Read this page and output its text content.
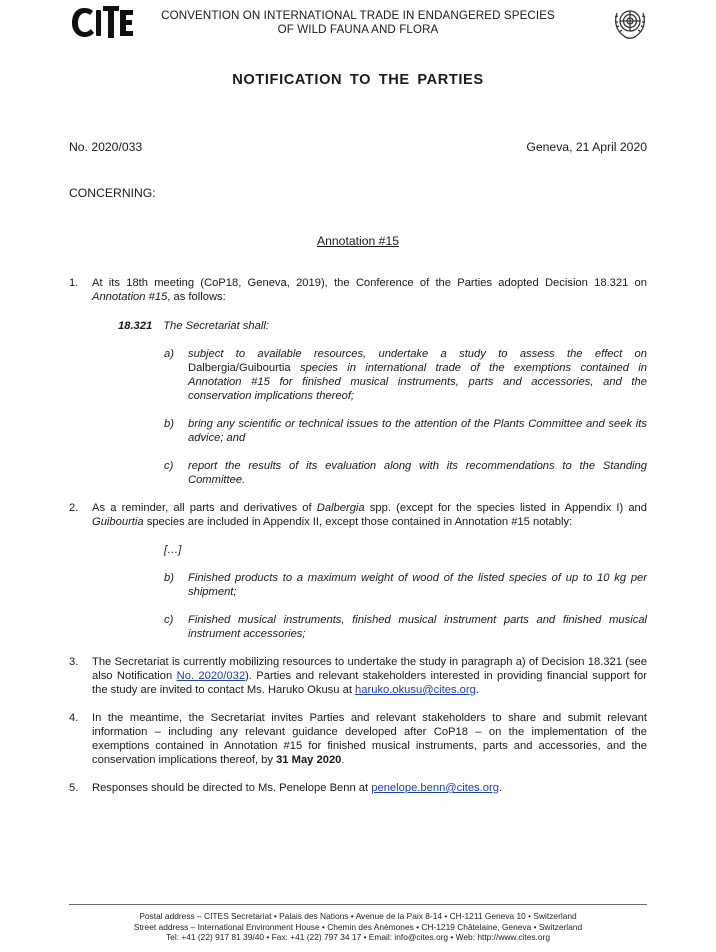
CITES
CONVENTION ON INTERNATIONAL TRADE IN ENDANGERED SPECIES
OF WILD FAUNA AND FLORA
NOTIFICATION TO THE PARTIES
No. 2020/033	Geneva, 21 April 2020
CONCERNING:
Annotation #15
1. At its 18th meeting (CoP18, Geneva, 2019), the Conference of the Parties adopted Decision 18.321 on Annotation #15, as follows:
18.321 The Secretariat shall:
a) subject to available resources, undertake a study to assess the effect on Dalbergia/Guibourtia species in international trade of the exemptions contained in Annotation #15 for finished musical instruments, parts and accessories, and the conservation implications thereof;
b) bring any scientific or technical issues to the attention of the Plants Committee and seek its advice; and
c) report the results of its evaluation along with its recommendations to the Standing Committee.
2. As a reminder, all parts and derivatives of Dalbergia spp. (except for the species listed in Appendix I) and Guibourtia species are included in Appendix II, except those contained in Annotation #15 notably:
[…]
b) Finished products to a maximum weight of wood of the listed species of up to 10 kg per shipment;
c) Finished musical instruments, finished musical instrument parts and finished musical instrument accessories;
3. The Secretariat is currently mobilizing resources to undertake the study in paragraph a) of Decision 18.321 (see also Notification No. 2020/032). Parties and relevant stakeholders interested in providing financial support for the study are invited to contact Ms. Haruko Okusu at haruko.okusu@cites.org.
4. In the meantime, the Secretariat invites Parties and relevant stakeholders to share and submit relevant information – including any relevant guidance developed after CoP18 – on the implementation of the exemptions contained in Annotation #15 for finished musical instruments, parts and accessories, and the conservation implications thereof, by 31 May 2020.
5. Responses should be directed to Ms. Penelope Benn at penelope.benn@cites.org.
Postal address – CITES Secretariat • Palais des Nations • Avenue de la Paix 8-14 • CH-1211 Geneva 10 • Switzerland
Street address – International Environment House • Chemin des Anémones • CH-1219 Châtelaine, Geneva • Switzerland
Tel: +41 (22) 917 81 39/40 • Fax: +41 (22) 797 34 17 • Email: info@cites.org • Web: http://www.cites.org
